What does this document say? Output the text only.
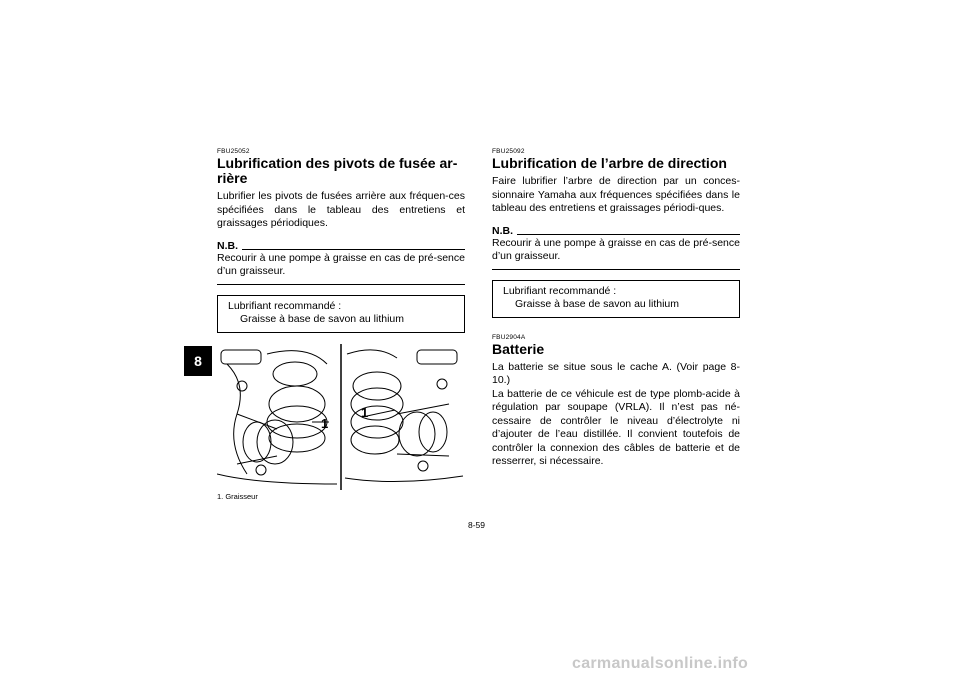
8
FBU25052
Lubrification des pivots de fusée ar-rière

Lubrifier les pivots de fusées arrière aux fréquen-ces spécifiées dans le tableau des entretiens et graissages périodiques.

N.B.
Recourir à une pompe à graisse en cas de pré-sence d’un graisseur.
Lubrifiant recommandé :
Graisse à base de savon au lithium
1
1
1. Graisseur
FBU25092
Lubrification de l’arbre de direction

Faire lubrifier l’arbre de direction par un conces-sionnaire Yamaha aux fréquences spécifiées dans le tableau des entretiens et graissages périodi-ques.

N.B.
Recourir à une pompe à graisse en cas de pré-sence d’un graisseur.
Lubrifiant recommandé :
Graisse à base de savon au lithium
FBU2904A
Batterie

La batterie se situe sous le cache A. (Voir page 8-10.)

La batterie de ce véhicule est de type plomb-acide à régulation par soupape (VRLA). Il n’est pas né-cessaire de contrôler le niveau d’électrolyte ni d’ajouter de l’eau distillée. Il convient toutefois de contrôler la connexion des câbles de batterie et de resserrer, si nécessaire.

8-59
carmanualsonline.info
